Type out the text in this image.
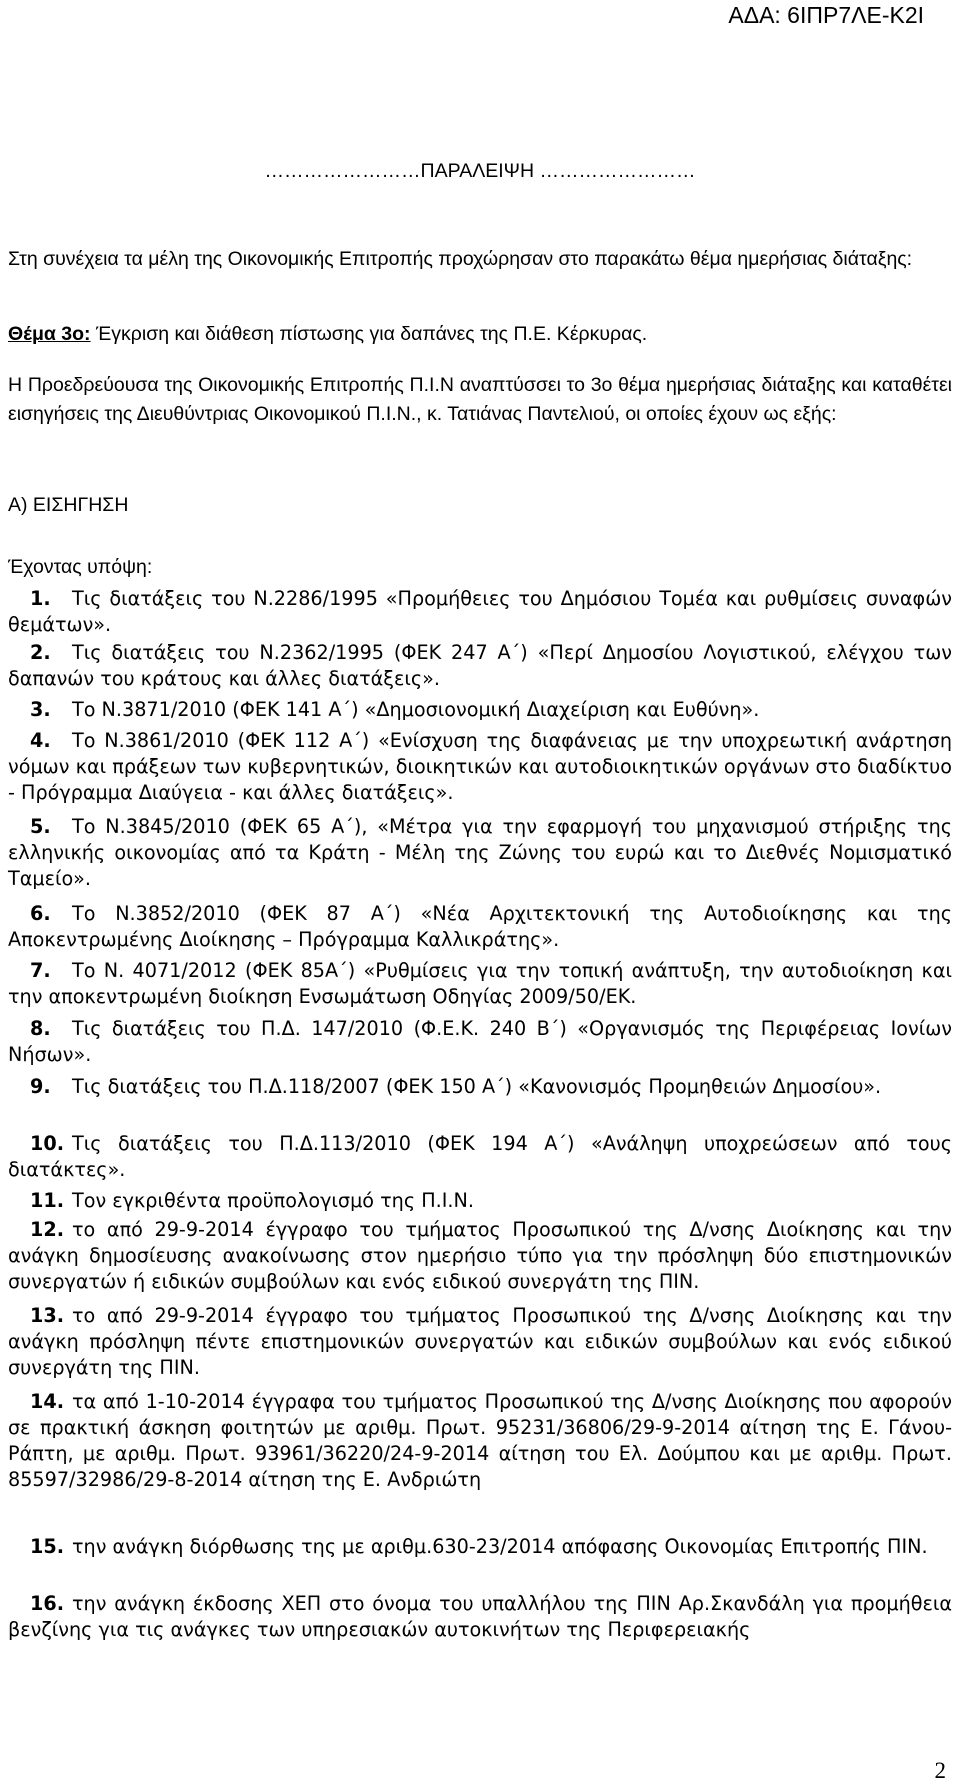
ΑΔΑ: 6ΙΠΡ7ΛΕ-Κ2Ι
……………………ΠΑΡΑΛΕΙΨΗ ……………………
Στη συνέχεια τα μέλη της Οικονομικής Επιτροπής προχώρησαν στο παρακάτω θέμα ημερήσιας διάταξης:
Θέμα 3ο: Έγκριση και διάθεση πίστωσης για δαπάνες της Π.Ε. Κέρκυρας.
Η Προεδρεύουσα της Οικονομικής Επιτροπής Π.Ι.Ν αναπτύσσει το 3ο θέμα ημερήσιας διάταξης και καταθέτει εισηγήσεις της Διευθύντριας Οικονομικού Π.Ι.Ν., κ. Τατιάνας Παντελιού, οι οποίες έχουν ως εξής:
Α) ΕΙΣΗΓΗΣΗ
Έχοντας υπόψη:
1. Τις διατάξεις του Ν.2286/1995 «Προμήθειες του Δημόσιου Τομέα και ρυθμίσεις συναφών θεμάτων».
2. Τις διατάξεις του Ν.2362/1995 (ΦΕΚ 247 Α΄) «Περί Δημοσίου Λογιστικού, ελέγχου των δαπανών του κράτους και άλλες διατάξεις».
3. Το Ν.3871/2010 (ΦΕΚ 141 Α΄) «Δημοσιονομική Διαχείριση και Ευθύνη».
4. Το Ν.3861/2010 (ΦΕΚ 112 Α΄) «Ενίσχυση της διαφάνειας με την υποχρεωτική ανάρτηση νόμων και πράξεων των κυβερνητικών, διοικητικών και αυτοδιοικητικών οργάνων στο διαδίκτυο - Πρόγραμμα Διαύγεια - και άλλες διατάξεις».
5. Το Ν.3845/2010 (ΦΕΚ 65 Α΄), «Μέτρα για την εφαρμογή του μηχανισμού στήριξης της ελληνικής οικονομίας από τα Κράτη - Μέλη της Ζώνης του ευρώ και το Διεθνές Νομισματικό Ταμείο».
6. Το Ν.3852/2010 (ΦΕΚ 87 Α΄) «Νέα Αρχιτεκτονική της Αυτοδιοίκησης και της Αποκεντρωμένης Διοίκησης – Πρόγραμμα Καλλικράτης».
7. Το Ν. 4071/2012 (ΦΕΚ 85Α΄) «Ρυθμίσεις για την τοπική ανάπτυξη, την αυτοδιοίκηση και την αποκεντρωμένη διοίκηση Ενσωμάτωση Οδηγίας 2009/50/ΕΚ.
8. Τις διατάξεις του Π.Δ. 147/2010 (Φ.Ε.Κ. 240 Β΄) «Οργανισμός της Περιφέρειας Ιονίων Νήσων».
9. Τις διατάξεις του Π.Δ.118/2007 (ΦΕΚ 150 Α΄) «Κανονισμός Προμηθειών Δημοσίου».
10. Τις διατάξεις του Π.Δ.113/2010 (ΦΕΚ 194 Α΄) «Ανάληψη υποχρεώσεων από τους διατάκτες».
11. Τον εγκριθέντα προϋπολογισμό της Π.Ι.Ν.
12. το από 29-9-2014 έγγραφο του τμήματος Προσωπικού της Δ/νσης Διοίκησης και την ανάγκη δημοσίευσης ανακοίνωσης στον ημερήσιο τύπο για την πρόσληψη δύο επιστημονικών συνεργατών ή ειδικών συμβούλων και ενός ειδικού συνεργάτη της ΠΙΝ.
13. το από 29-9-2014 έγγραφο του τμήματος Προσωπικού της Δ/νσης Διοίκησης και την ανάγκη πρόσληψη πέντε επιστημονικών συνεργατών και ειδικών συμβούλων και ενός ειδικού συνεργάτη της ΠΙΝ.
14. τα από 1-10-2014 έγγραφα του τμήματος Προσωπικού της Δ/νσης Διοίκησης που αφορούν σε πρακτική άσκηση φοιτητών με αριθμ. Πρωτ. 95231/36806/29-9-2014 αίτηση της Ε. Γάνου-Ράπτη, με αριθμ. Πρωτ. 93961/36220/24-9-2014 αίτηση του Ελ. Δούμπου και με αριθμ. Πρωτ. 85597/32986/29-8-2014 αίτηση της Ε. Ανδριώτη
15. την ανάγκη διόρθωσης της με αριθμ.630-23/2014 απόφασης Οικονομίας Επιτροπής ΠΙΝ.
16. την ανάγκη έκδοσης ΧΕΠ στο όνομα του υπαλλήλου της ΠΙΝ Αρ.Σκανδάλη για προμήθεια βενζίνης για τις ανάγκες των υπηρεσιακών αυτοκινήτων της Περιφερειακής
2
